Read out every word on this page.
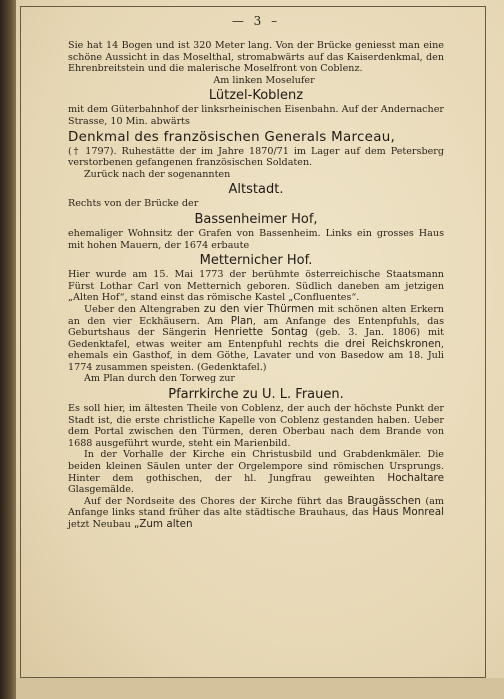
— 3 –

Sie hat 14 Bogen und ist 320 Meter lang. Von der Brücke geniesst man eine schöne Aussicht in das Moselthal, stromabwärts auf das Kaiserdenkmal, den Ehrenbreitstein und die malerische Moselfront von Coblenz.

Am linken Moselufer

Lützel-Koblenz

mit dem Güterbahnhof der linksrheinischen Eisenbahn. Auf der Andernacher Strasse, 10 Min. abwärts

Denkmal des französischen Generals Marceau,

(† 1797). Ruhestätte der im Jahre 1870/71 im Lager auf dem Petersberg verstorbenen gefangenen französischen Soldaten.

Zurück nach der sogenannten

Altstadt.

Rechts von der Brücke der

Bassenheimer Hof,

ehemaliger Wohnsitz der Grafen von Bassenheim. Links ein grosses Haus mit hohen Mauern, der 1674 erbaute

Metternicher Hof.

Hier wurde am 15. Mai 1773 der berühmte österreichische Staatsmann Fürst Lothar Carl von Metternich geboren. Südlich daneben am jetzigen „Alten Hof“, stand einst das römische Kastel „Confluentes“.

Ueber den Altengraben zu den vier Thürmen mit schönen alten Erkern an den vier Eckhäusern. Am Plan, am Anfange des Entenpfuhls, das Geburtshaus der Sängerin Henriette Sontag (geb. 3. Jan. 1806) mit Gedenktafel, etwas weiter am Entenpfuhl rechts die drei Reichskronen, ehemals ein Gasthof, in dem Göthe, Lavater und von Basedow am 18. Juli 1774 zusammen speisten. (Gedenktafel.)

Am Plan durch den Torweg zur

Pfarrkirche zu U. L. Frauen.

Es soll hier, im ältesten Theile von Coblenz, der auch der höchste Punkt der Stadt ist, die erste christliche Kapelle von Coblenz gestanden haben. Ueber dem Portal zwischen den Türmen, deren Oberbau nach dem Brande von 1688 ausgeführt wurde, steht ein Marienbild.

In der Vorhalle der Kirche ein Christusbild und Grabdenkmäler. Die beiden kleinen Säulen unter der Orgelempore sind römischen Ursprungs. Hinter dem gothischen, der hl. Jungfrau geweihten Hochaltare Glasgemälde.

Auf der Nordseite des Chores der Kirche führt das Braugässchen (am Anfange links stand früher das alte städtische Brauhaus, das Haus Monreal jetzt Neubau „Zum alten
